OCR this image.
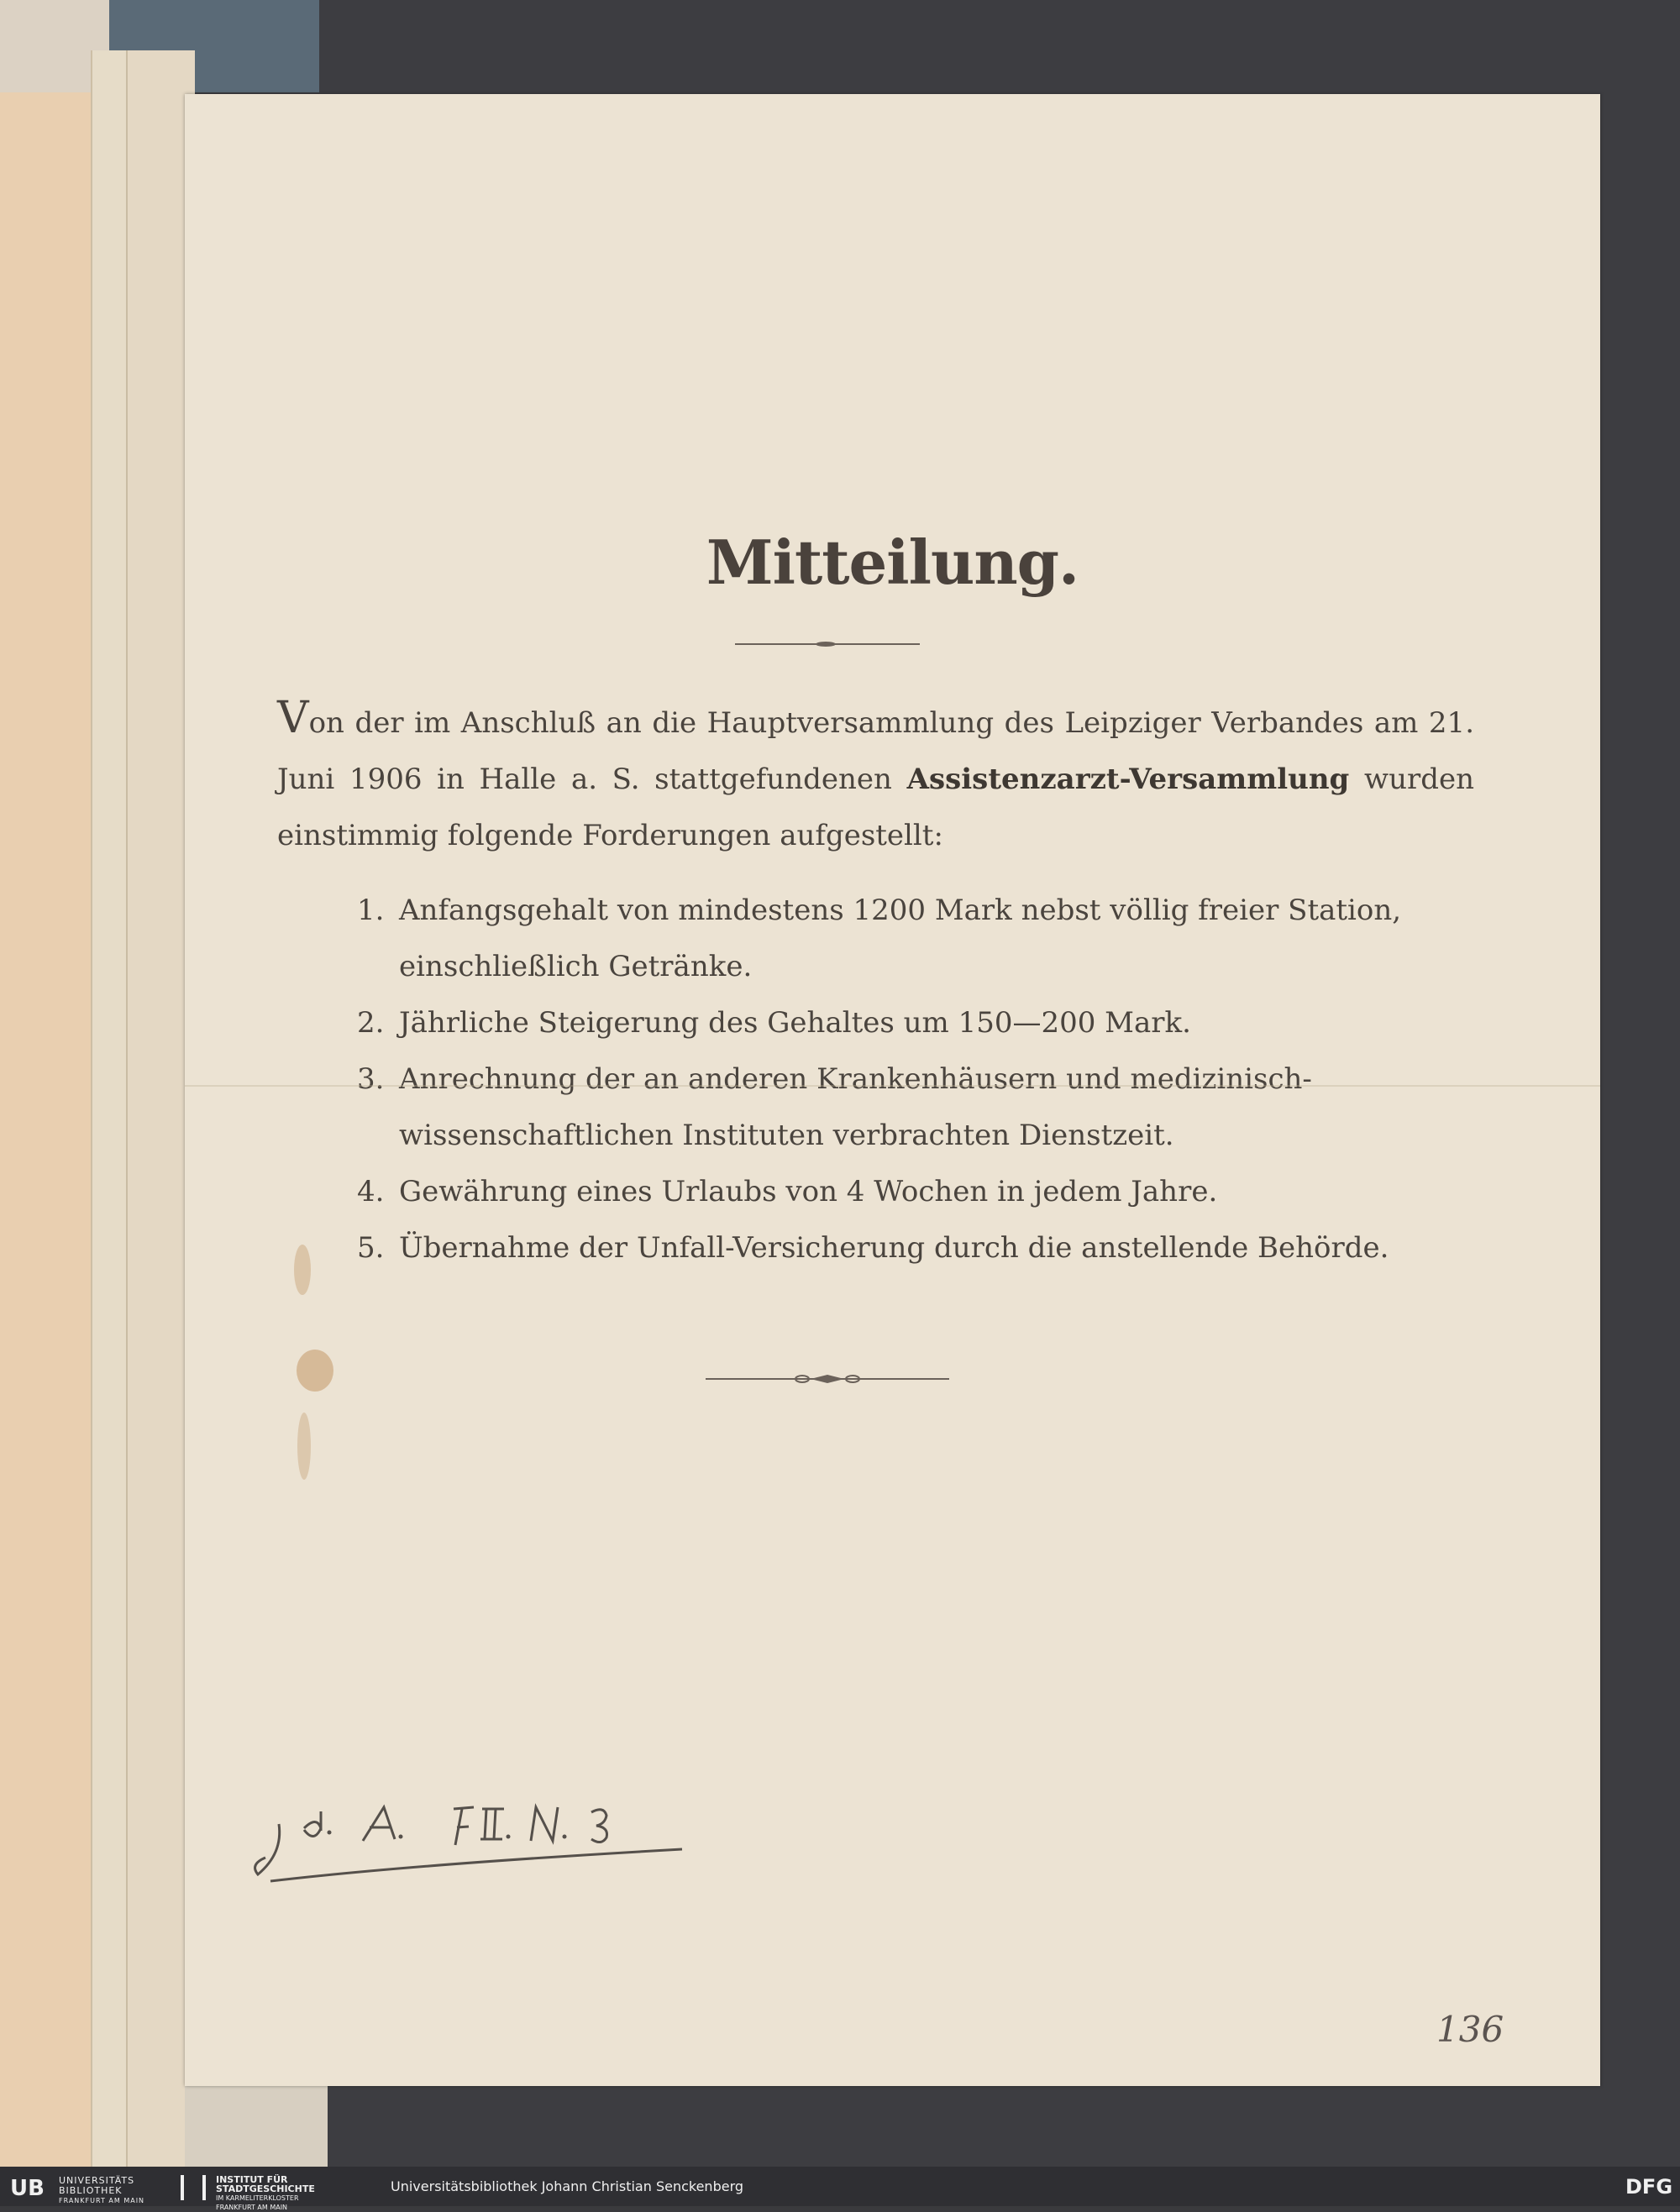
Mitteilung.

Von der im Anschluß an die Hauptversammlung des Leipziger Verbandes am 21. Juni 1906 in Halle a. S. stattgefundenen Assistenzarzt-Versammlung wurden einstimmig folgende Forderungen aufgestellt:

1. Anfangsgehalt von mindestens 1200 Mark nebst völlig freier Station, einschließlich Getränke.
2. Jährliche Steigerung des Gehaltes um 150—200 Mark.
3. Anrechnung der an anderen Krankenhäusern und medizinisch-wissenschaftlichen Instituten verbrachten Dienstzeit.
4. Gewährung eines Urlaubs von 4 Wochen in jedem Jahre.
5. Übernahme der Unfall-Versicherung durch die anstellende Behörde.

136

UB UNIVERSITÄTS
BIBLIOTHEK
FRANKFURT AM MAIN
INSTITUT FÜR
STADTGESCHICHTE
IM KARMELITERKLOSTER
FRANKFURT AM MAIN

Universitätsbibliothek Johann Christian Senckenberg	DFG
